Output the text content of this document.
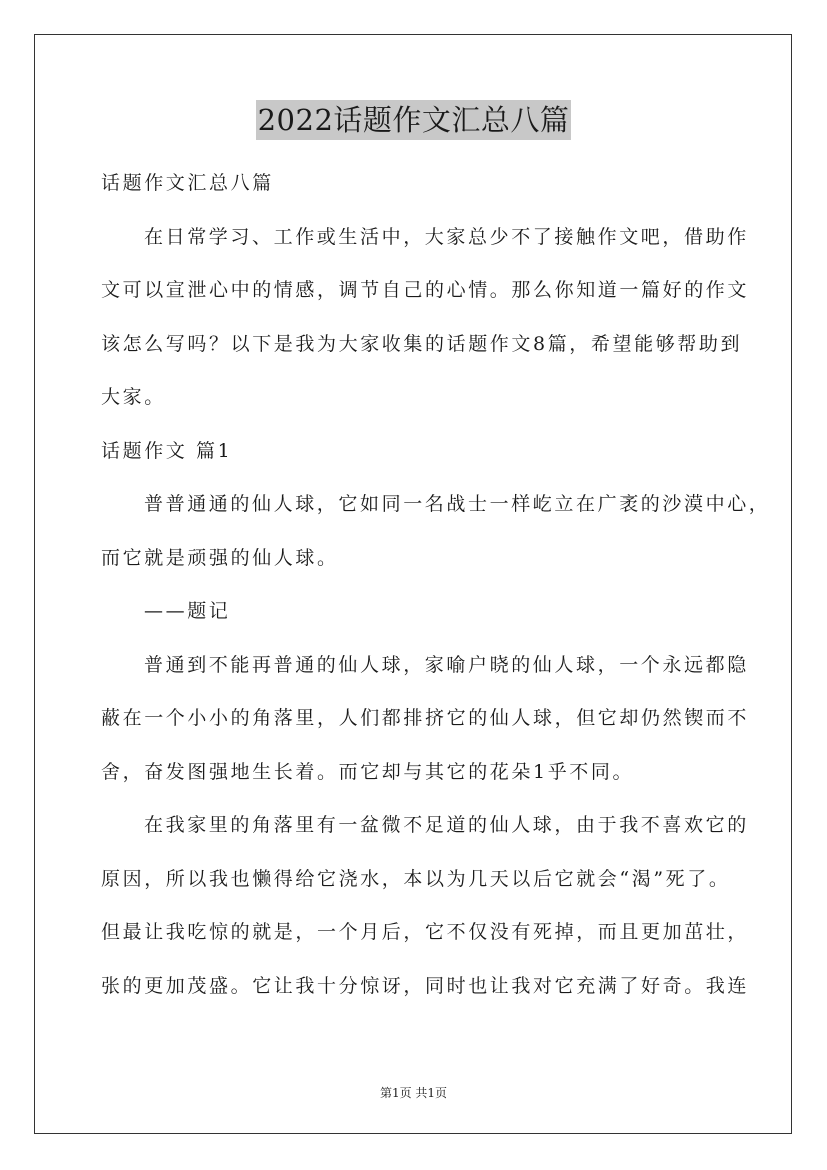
2022话题作文汇总八篇
话题作文汇总八篇
在日常学习、工作或生活中，大家总少不了接触作文吧，借助作
文可以宣泄心中的情感，调节自己的心情。那么你知道一篇好的作文
该怎么写吗？以下是我为大家收集的话题作文8篇，希望能够帮助到
大家。
话题作文 篇1
普普通通的仙人球，它如同一名战士一样屹立在广袤的沙漠中心，
而它就是顽强的仙人球。
——题记
普通到不能再普通的仙人球，家喻户晓的仙人球，一个永远都隐
蔽在一个小小的角落里，人们都排挤它的仙人球，但它却仍然锲而不
舍，奋发图强地生长着。而它却与其它的花朵1乎不同。
在我家里的角落里有一盆微不足道的仙人球，由于我不喜欢它的
原因，所以我也懒得给它浇水，本以为几天以后它就会“渴”死了。
但最让我吃惊的就是，一个月后，它不仅没有死掉，而且更加茁壮，
张的更加茂盛。它让我十分惊讶，同时也让我对它充满了好奇。我连
第1页 共1页
